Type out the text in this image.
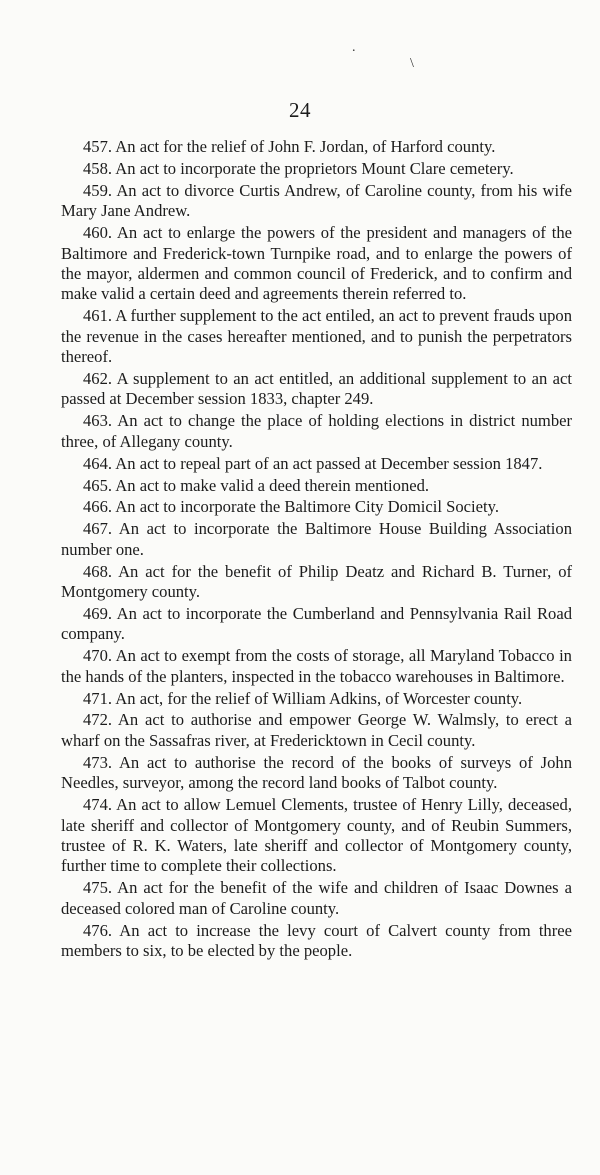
.
\
24

457. An act for the relief of John F. Jordan, of Harford county.

458. An act to incorporate the proprietors Mount Clare cemetery.

459. An act to divorce Curtis Andrew, of Caroline county, from his wife Mary Jane Andrew.

460. An act to enlarge the powers of the president and managers of the Baltimore and Frederick-town Turnpike road, and to enlarge the powers of the mayor, aldermen and common council of Frederick, and to confirm and make valid a certain deed and agreements therein referred to.

461. A further supplement to the act entiled, an act to prevent frauds upon the revenue in the cases hereafter mentioned, and to punish the perpetrators thereof.

462. A supplement to an act entitled, an additional supplement to an act passed at December session 1833, chapter 249.

463. An act to change the place of holding elections in district number three, of Allegany county.

464. An act to repeal part of an act passed at December session 1847.

465. An act to make valid a deed therein mentioned.

466. An act to incorporate the Baltimore City Domicil Society.

467. An act to incorporate the Baltimore House Building Association number one.

468. An act for the benefit of Philip Deatz and Richard B. Turner, of Montgomery county.

469. An act to incorporate the Cumberland and Pennsylvania Rail Road company.

470. An act to exempt from the costs of storage, all Maryland Tobacco in the hands of the planters, inspected in the tobacco warehouses in Baltimore.

471. An act, for the relief of William Adkins, of Worcester county.

472. An act to authorise and empower George W. Walmsly, to erect a wharf on the Sassafras river, at Fredericktown in Cecil county.

473. An act to authorise the record of the books of surveys of John Needles, surveyor, among the record land books of Talbot county.

474. An act to allow Lemuel Clements, trustee of Henry Lilly, deceased, late sheriff and collector of Montgomery county, and of Reubin Summers, trustee of R. K. Waters, late sheriff and collector of Montgomery county, further time to complete their collections.

475. An act for the benefit of the wife and children of Isaac Downes a deceased colored man of Caroline county.

476. An act to increase the levy court of Calvert county from three members to six, to be elected by the people.
